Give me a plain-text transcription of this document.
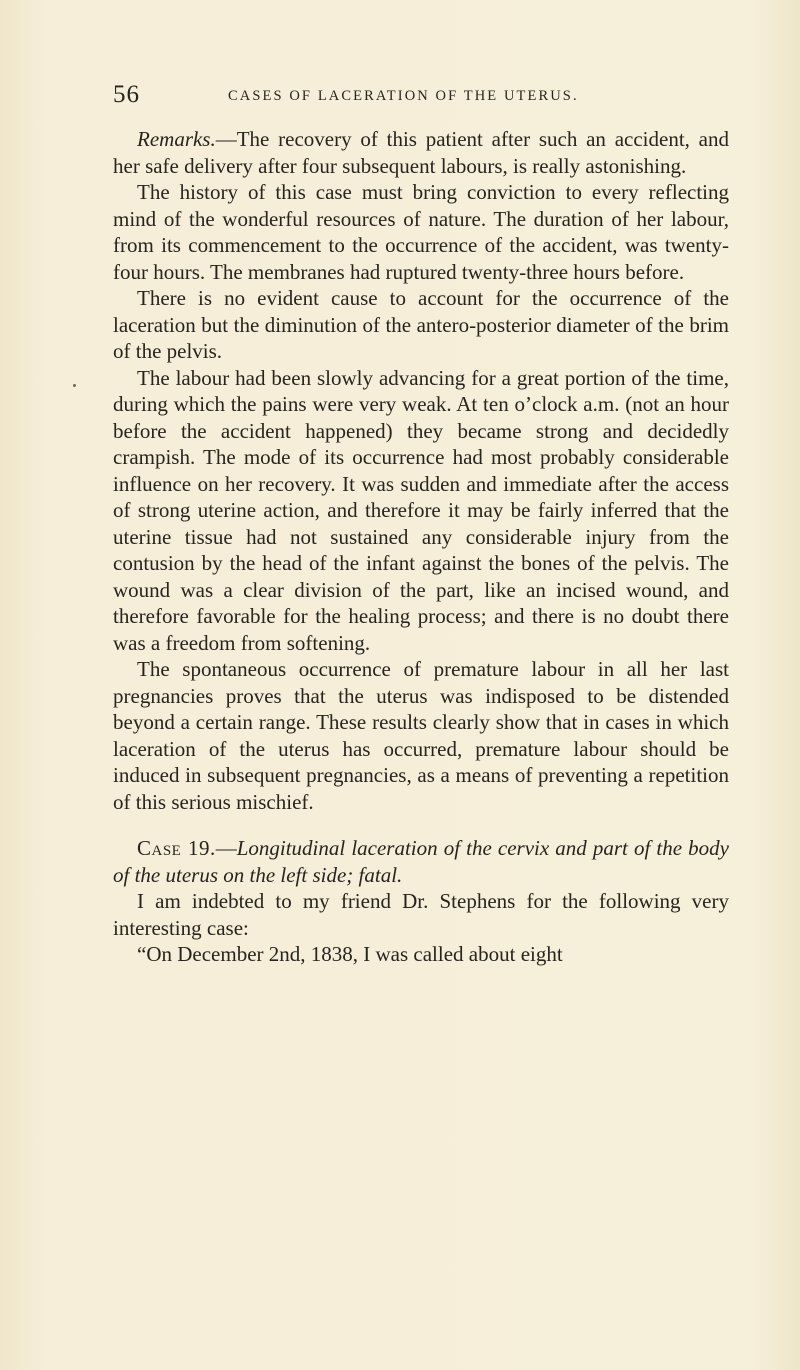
56	CASES OF LACERATION OF THE UTERUS.

Remarks.—The recovery of this patient after such an accident, and her safe delivery after four subsequent labours, is really astonishing.

The history of this case must bring conviction to every reflecting mind of the wonderful resources of nature. The duration of her labour, from its commencement to the occurrence of the accident, was twenty-four hours. The membranes had ruptured twenty-three hours before.

There is no evident cause to account for the occurrence of the laceration but the diminution of the antero-posterior diameter of the brim of the pelvis.

The labour had been slowly advancing for a great portion of the time, during which the pains were very weak. At ten o’clock a.m. (not an hour before the accident happened) they became strong and decidedly crampish. The mode of its occurrence had most probably considerable influence on her recovery. It was sudden and immediate after the access of strong uterine action, and therefore it may be fairly inferred that the uterine tissue had not sustained any considerable injury from the contusion by the head of the infant against the bones of the pelvis. The wound was a clear division of the part, like an incised wound, and therefore favorable for the healing process; and there is no doubt there was a freedom from softening.

The spontaneous occurrence of premature labour in all her last pregnancies proves that the uterus was indisposed to be distended beyond a certain range. These results clearly show that in cases in which laceration of the uterus has occurred, premature labour should be induced in subsequent pregnancies, as a means of preventing a repetition of this serious mischief.

Case 19.—Longitudinal laceration of the cervix and part of the body of the uterus on the left side; fatal.

I am indebted to my friend Dr. Stephens for the following very interesting case:

“On December 2nd, 1838, I was called about eight
